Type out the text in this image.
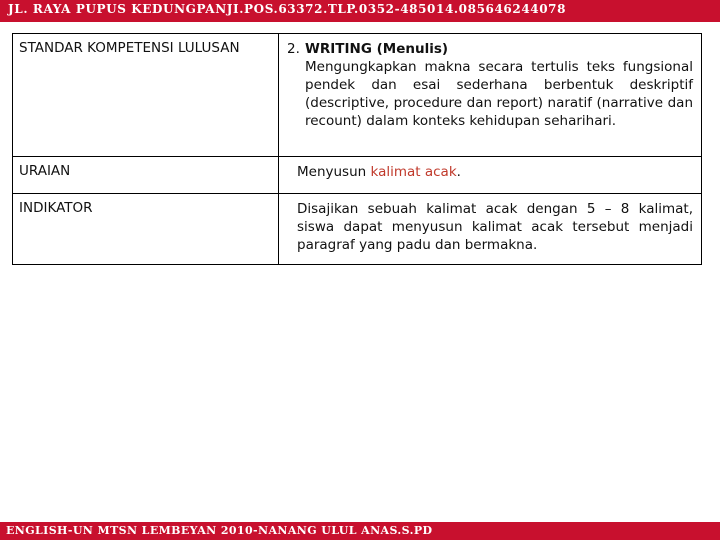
JL. RAYA PUPUS KEDUNGPANJI.POS.63372.TLP.0352-485014.085646244078
STANDAR KOMPETENSI LULUSAN	2. WRITING (Menulis)
Mengungkapkan makna secara tertulis teks fungsional pendek dan esai sederhana berbentuk deskriptif (descriptive, procedure dan report) naratif (narrative dan recount) dalam konteks kehidupan seharihari.

URAIAN	Menyusun kalimat acak.

INDIKATOR	Disajikan sebuah kalimat acak dengan 5 – 8 kalimat, siswa dapat menyusun kalimat acak tersebut menjadi paragraf yang padu dan bermakna.
ENGLISH-UN MTSN LEMBEYAN 2010-NANANG ULUL ANAS.S.PD
